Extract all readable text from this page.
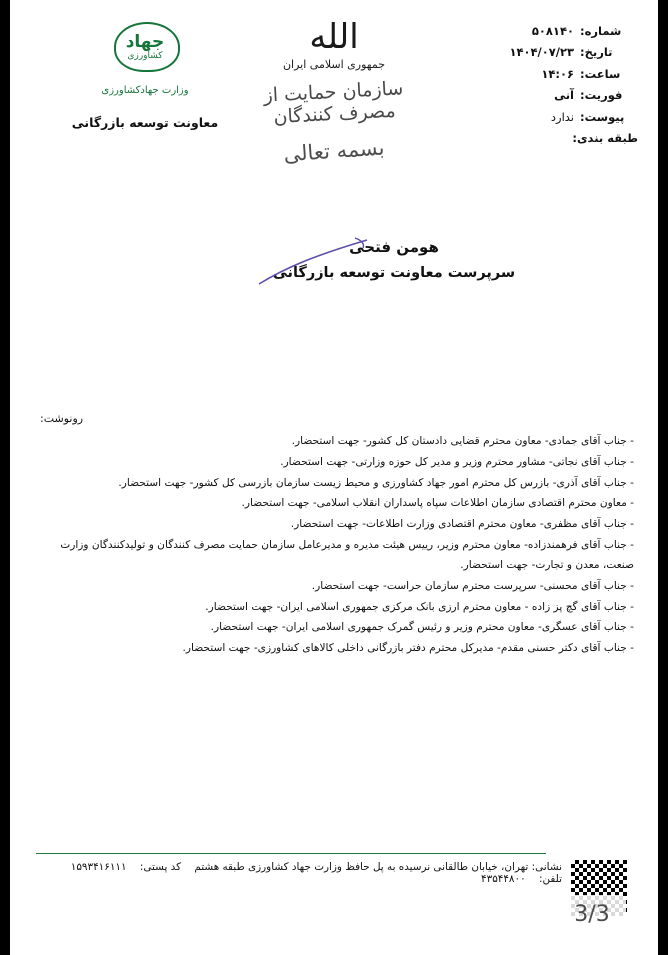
شماره:
۵۰۸۱۴۰
تاریخ:
۱۴۰۴/۰۷/۲۳
ساعت:
۱۴:۰۶
فوریت:
آنی
پیوست:
ندارد
طبقه بندی:
الله
جمهوری اسلامی ایران
سازمان حمایت از مصرف کنندگان
بسمه تعالی
جهاد
کشاورزی
وزارت جهادکشاورزی
معاونت توسعه بازرگانی
هومن فتحی
سرپرست معاونت توسعه بازرگانی
رونوشت:
- جناب آقای جمادی- معاون محترم قضایی دادستان کل کشور- جهت استحضار.
- جناب آقای نجاتی- مشاور محترم وزیر و مدیر کل حوزه وزارتی- جهت استحضار.
- جناب آقای آذری- بازرس کل محترم امور جهاد کشاورزی و محیط زیست سازمان بازرسی کل کشور- جهت استحضار.
- معاون محترم اقتصادی سازمان اطلاعات سپاه پاسداران انقلاب اسلامی- جهت استحضار.
- جناب آقای مظفری- معاون محترم اقتصادی وزارت اطلاعات- جهت استحضار.
- جناب آقای فرهمندزاده- معاون محترم وزیر، رییس هیئت مدیره و مدیرعامل سازمان حمایت مصرف کنندگان و تولیدکنندگان وزارت صنعت، معدن و تجارت- جهت استحضار.
- جناب آقای محسنی- سرپرست محترم سازمان حراست- جهت استحضار.
- جناب آقای گچ پز زاده - معاون محترم ارزی بانک مرکزی جمهوری اسلامی ایران- جهت استحضار.
- جناب آقای عسگری- معاون محترم وزیر و رئیس گمرک جمهوری اسلامی ایران- جهت استحضار.
- جناب آقای دکتر حسنی مقدم- مدیرکل محترم دفتر بازرگانی داخلی کالاهای کشاورزی- جهت استحضار.
نشانی: تهران، خیابان طالقانی نرسیده به پل حافظ وزارت جهاد کشاورزی طبقه هشتم کد پستی: ۱۵۹۳۴۱۶۱۱۱ تلفن: ۴۳۵۴۴۸۰۰
3/3
